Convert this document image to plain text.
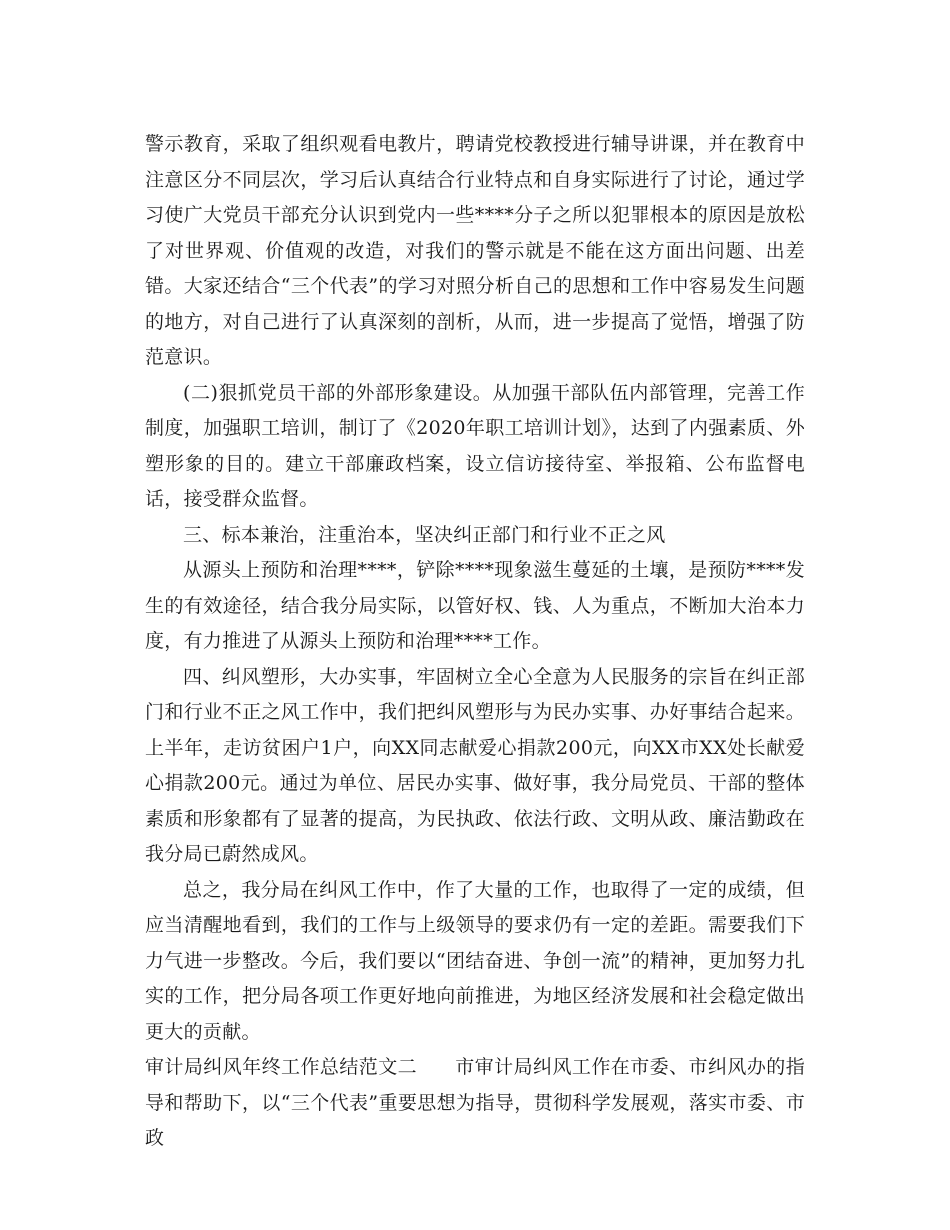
警示教育，采取了组织观看电教片，聘请党校教授进行辅导讲课，并在教育中注意区分不同层次，学习后认真结合行业特点和自身实际进行了讨论，通过学习使广大党员干部充分认识到党内一些****分子之所以犯罪根本的原因是放松了对世界观、价值观的改造，对我们的警示就是不能在这方面出问题、出差错。大家还结合“三个代表”的学习对照分析自己的思想和工作中容易发生问题的地方，对自己进行了认真深刻的剖析，从而，进一步提高了觉悟，增强了防范意识。

(二)狠抓党员干部的外部形象建设。从加强干部队伍内部管理，完善工作制度，加强职工培训，制订了《2020年职工培训计划》，达到了内强素质、外塑形象的目的。建立干部廉政档案，设立信访接待室、举报箱、公布监督电话，接受群众监督。

三、标本兼治，注重治本，坚决纠正部门和行业不正之风

从源头上预防和治理****，铲除****现象滋生蔓延的土壤，是预防****发生的有效途径，结合我分局实际，以管好权、钱、人为重点，不断加大治本力度，有力推进了从源头上预防和治理****工作。

四、纠风塑形，大办实事，牢固树立全心全意为人民服务的宗旨在纠正部门和行业不正之风工作中，我们把纠风塑形与为民办实事、办好事结合起来。上半年，走访贫困户1户，向XX同志献爱心捐款200元，向XX市XX处长献爱心捐款200元。通过为单位、居民办实事、做好事，我分局党员、干部的整体素质和形象都有了显著的提高，为民执政、依法行政、文明从政、廉洁勤政在我分局已蔚然成风。

总之，我分局在纠风工作中，作了大量的工作，也取得了一定的成绩，但应当清醒地看到，我们的工作与上级领导的要求仍有一定的差距。需要我们下力气进一步整改。今后，我们要以“团结奋进、争创一流”的精神，更加努力扎实的工作，把分局各项工作更好地向前推进，为地区经济发展和社会稳定做出更大的贡献。

审计局纠风年终工作总结范文二 市审计局纠风工作在市委、市纠风办的指导和帮助下，以“三个代表”重要思想为指导，贯彻科学发展观，落实市委、市政
